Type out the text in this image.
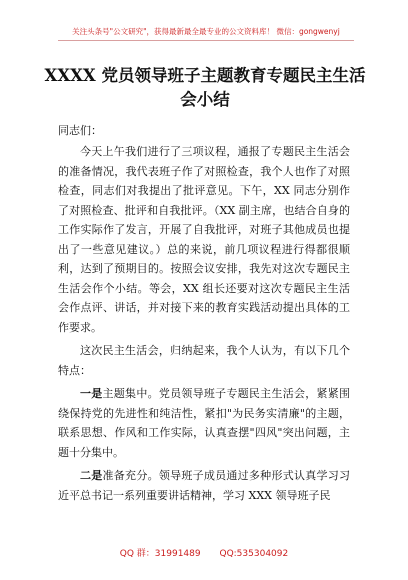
关注头条号"公文研究"，获得最新最全最专业的公文资料库！ 微信：gongwenyj
XXXX 党员领导班子主题教育专题民主生活会小结
同志们：

今天上午我们进行了三项议程，通报了专题民主生活会的准备情况，我代表班子作了对照检查，我个人也作了对照检查，同志们对我提出了批评意见。下午，XX 同志分别作了对照检查、批评和自我批评。（XX 副主席，也结合自身的工作实际作了发言，开展了自我批评，对班子其他成员也提出了一些意见建议。）总的来说，前几项议程进行得都很顺利，达到了预期目的。按照会议安排，我先对这次专题民主生活会作个小结。等会，XX 组长还要对这次专题民主生活会作点评、讲话，并对接下来的教育实践活动提出具体的工作要求。

这次民主生活会，归纳起来，我个人认为，有以下几个特点：

一是主题集中。党员领导班子专题民主生活会，紧紧围绕保持党的先进性和纯洁性，紧扣"为民务实清廉"的主题，联系思想、作风和工作实际，认真查摆"四风"突出问题，主题十分集中。

二是准备充分。领导班子成员通过多种形式认真学习习近平总书记一系列重要讲话精神，学习 XXX 领导班子民

QQ 群：31991489 QQ:535304092
